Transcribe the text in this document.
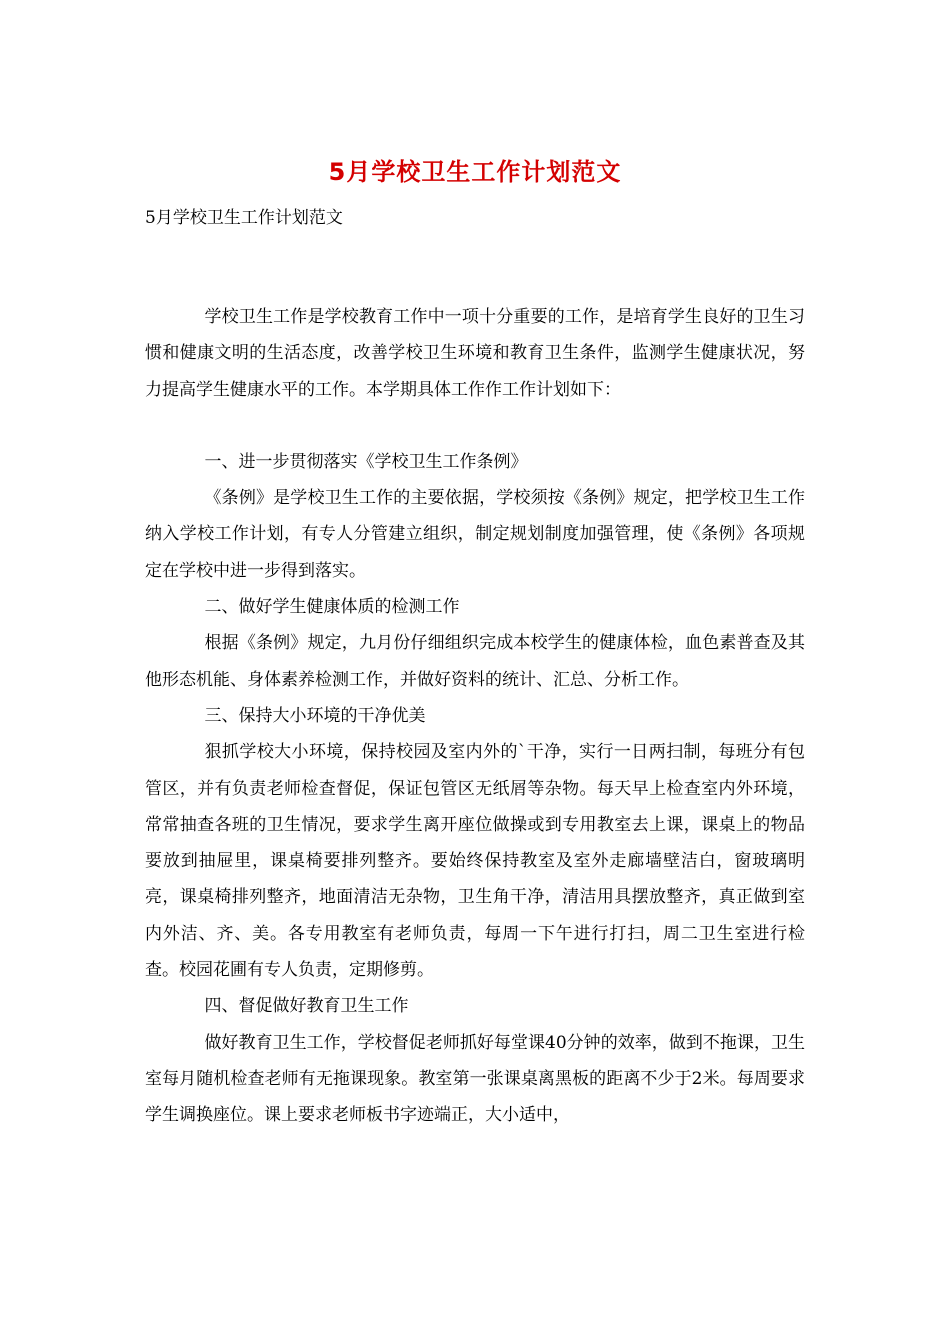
5月学校卫生工作计划范文
5月学校卫生工作计划范文

学校卫生工作是学校教育工作中一项十分重要的工作，是培育学生良好的卫生习惯和健康文明的生活态度，改善学校卫生环境和教育卫生条件，监测学生健康状况，努力提高学生健康水平的工作。本学期具体工作作工作计划如下：

一、进一步贯彻落实《学校卫生工作条例》

《条例》是学校卫生工作的主要依据，学校须按《条例》规定，把学校卫生工作纳入学校工作计划，有专人分管建立组织，制定规划制度加强管理，使《条例》各项规定在学校中进一步得到落实。

二、做好学生健康体质的检测工作

根据《条例》规定，九月份仔细组织完成本校学生的健康体检，血色素普查及其他形态机能、身体素养检测工作，并做好资料的统计、汇总、分析工作。

三、保持大小环境的干净优美

狠抓学校大小环境，保持校园及室内外的`干净，实行一日两扫制，每班分有包管区，并有负责老师检查督促，保证包管区无纸屑等杂物。每天早上检查室内外环境，常常抽查各班的卫生情况，要求学生离开座位做操或到专用教室去上课，课桌上的物品要放到抽屉里，课桌椅要排列整齐。要始终保持教室及室外走廊墙壁洁白，窗玻璃明亮，课桌椅排列整齐，地面清洁无杂物，卫生角干净，清洁用具摆放整齐，真正做到室内外洁、齐、美。各专用教室有老师负责，每周一下午进行打扫，周二卫生室进行检查。校园花圃有专人负责，定期修剪。

四、督促做好教育卫生工作

做好教育卫生工作，学校督促老师抓好每堂课40分钟的效率，做到不拖课，卫生室每月随机检查老师有无拖课现象。教室第一张课桌离黑板的距离不少于2米。每周要求学生调换座位。课上要求老师板书字迹端正，大小适中，
